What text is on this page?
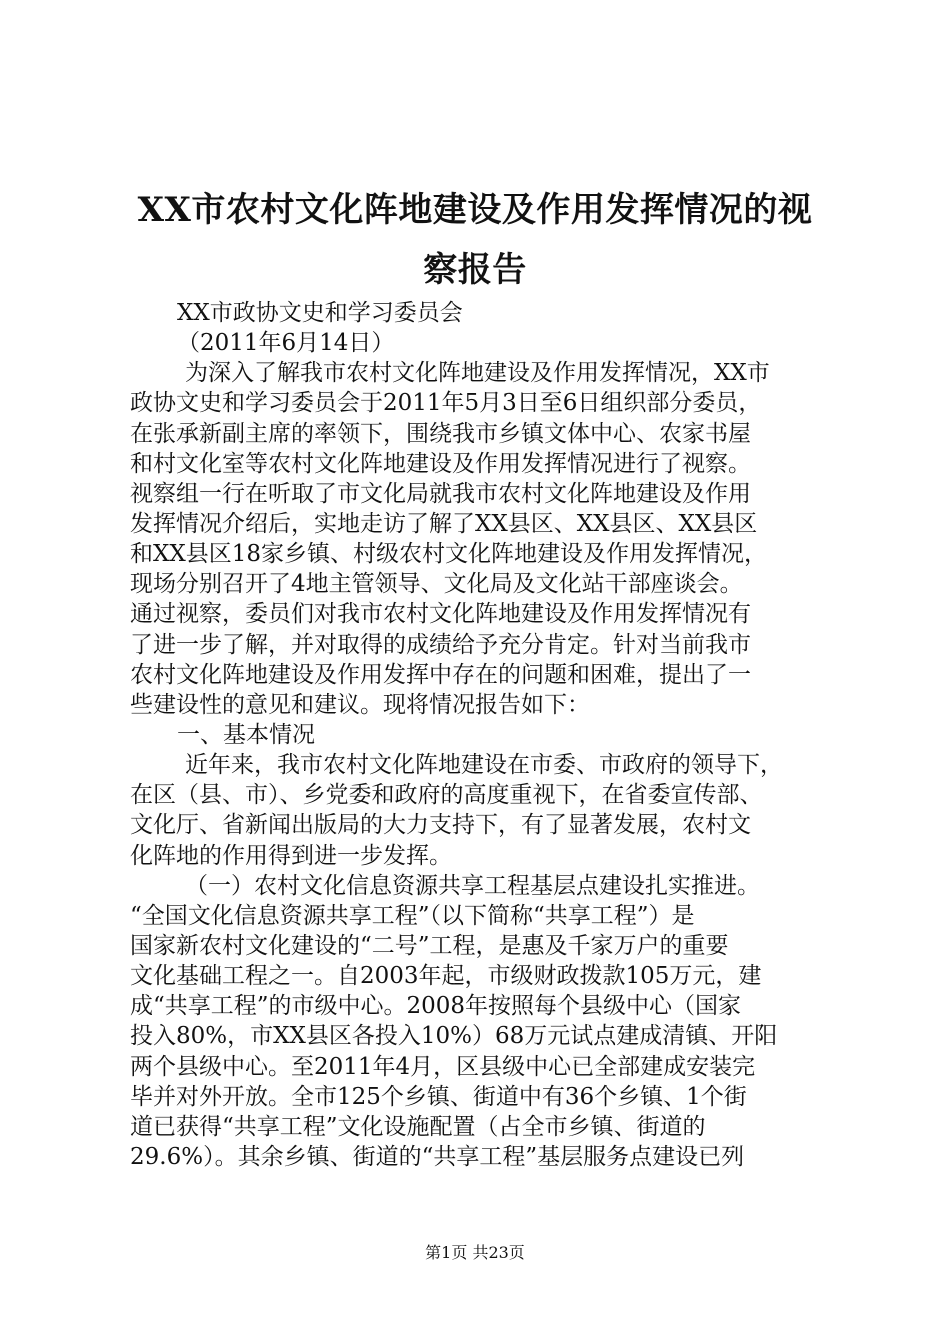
XX市农村文化阵地建设及作用发挥情况的视
察报告
XX市政协文史和学习委员会
（2011年6月14日）
为深入了解我市农村文化阵地建设及作用发挥情况，XX市
政协文史和学习委员会于2011年5月3日至6日组织部分委员，
在张承新副主席的率领下，围绕我市乡镇文体中心、农家书屋
和村文化室等农村文化阵地建设及作用发挥情况进行了视察。
视察组一行在听取了市文化局就我市农村文化阵地建设及作用
发挥情况介绍后，实地走访了解了XX县区、XX县区、XX县区
和XX县区18家乡镇、村级农村文化阵地建设及作用发挥情况，
现场分别召开了4地主管领导、文化局及文化站干部座谈会。
通过视察，委员们对我市农村文化阵地建设及作用发挥情况有
了进一步了解，并对取得的成绩给予充分肯定。针对当前我市
农村文化阵地建设及作用发挥中存在的问题和困难，提出了一
些建设性的意见和建议。现将情况报告如下：
一、基本情况
近年来，我市农村文化阵地建设在市委、市政府的领导下，
在区（县、市）、乡党委和政府的高度重视下，在省委宣传部、
文化厅、省新闻出版局的大力支持下，有了显著发展，农村文
化阵地的作用得到进一步发挥。
（一）农村文化信息资源共享工程基层点建设扎实推进。
“全国文化信息资源共享工程”（以下简称“共享工程”）是
国家新农村文化建设的“二号”工程，是惠及千家万户的重要
文化基础工程之一。自2003年起，市级财政拨款105万元，建
成“共享工程”的市级中心。2008年按照每个县级中心（国家
投入80%，市XX县区各投入10%）68万元试点建成清镇、开阳
两个县级中心。至2011年4月，区县级中心已全部建成安装完
毕并对外开放。全市125个乡镇、街道中有36个乡镇、1个街
道已获得“共享工程”文化设施配置（占全市乡镇、街道的
29.6%）。其余乡镇、街道的“共享工程”基层服务点建设已列
第1页 共23页
